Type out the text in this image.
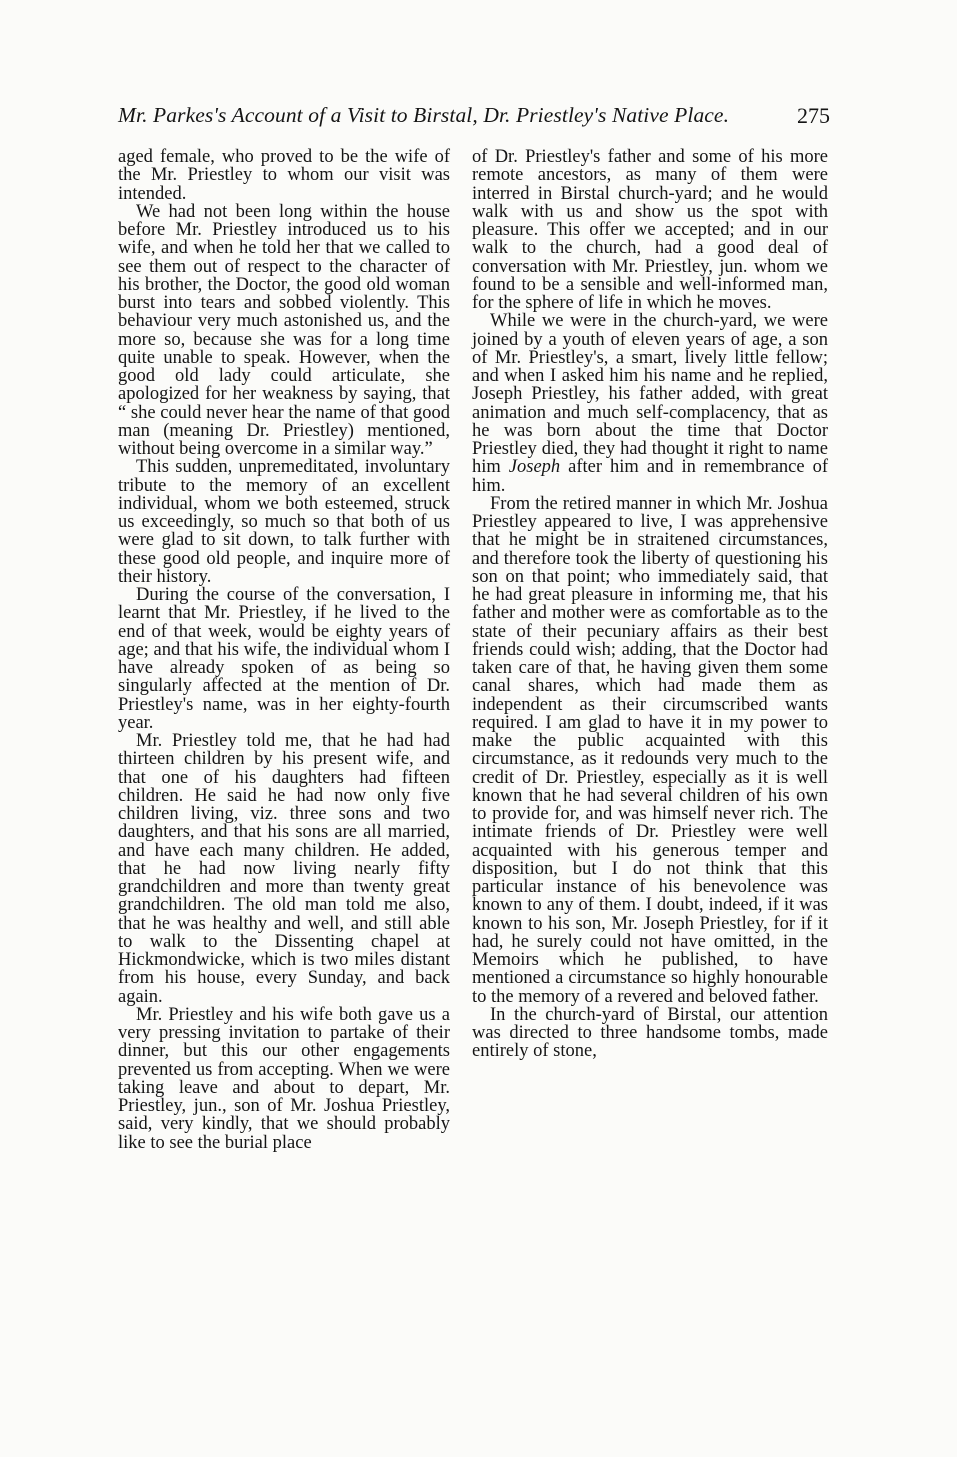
Mr. Parkes's Account of a Visit to Birstal, Dr. Priestley's Native Place.	275

aged female, who proved to be the wife of the Mr. Priestley to whom our visit was intended.

We had not been long within the house before Mr. Priestley introduced us to his wife, and when he told her that we called to see them out of respect to the character of his brother, the Doctor, the good old woman burst into tears and sobbed violently. This behaviour very much astonished us, and the more so, because she was for a long time quite unable to speak. However, when the good old lady could articulate, she apologized for her weakness by saying, that “ she could never hear the name of that good man (meaning Dr. Priestley) mentioned, without being overcome in a similar way.”

This sudden, unpremeditated, involuntary tribute to the memory of an excellent individual, whom we both esteemed, struck us exceedingly, so much so that both of us were glad to sit down, to talk further with these good old people, and inquire more of their history.

During the course of the conversation, I learnt that Mr. Priestley, if he lived to the end of that week, would be eighty years of age; and that his wife, the individual whom I have already spoken of as being so singularly affected at the mention of Dr. Priestley's name, was in her eighty-fourth year.

Mr. Priestley told me, that he had had thirteen children by his present wife, and that one of his daughters had fifteen children. He said he had now only five children living, viz. three sons and two daughters, and that his sons are all married, and have each many children. He added, that he had now living nearly fifty grandchildren and more than twenty great grandchildren. The old man told me also, that he was healthy and well, and still able to walk to the Dissenting chapel at Hickmondwicke, which is two miles distant from his house, every Sunday, and back again.

Mr. Priestley and his wife both gave us a very pressing invitation to partake of their dinner, but this our other engagements prevented us from accepting. When we were taking leave and about to depart, Mr. Priestley, jun., son of Mr. Joshua Priestley, said, very kindly, that we should probably like to see the burial place

of Dr. Priestley's father and some of his more remote ancestors, as many of them were interred in Birstal church-yard; and he would walk with us and show us the spot with pleasure. This offer we accepted; and in our walk to the church, had a good deal of conversation with Mr. Priestley, jun. whom we found to be a sensible and well-informed man, for the sphere of life in which he moves.

While we were in the church-yard, we were joined by a youth of eleven years of age, a son of Mr. Priestley's, a smart, lively little fellow; and when I asked him his name and he replied, Joseph Priestley, his father added, with great animation and much self-complacency, that as he was born about the time that Doctor Priestley died, they had thought it right to name him Joseph after him and in remembrance of him.

From the retired manner in which Mr. Joshua Priestley appeared to live, I was apprehensive that he might be in straitened circumstances, and therefore took the liberty of questioning his son on that point; who immediately said, that he had great pleasure in informing me, that his father and mother were as comfortable as to the state of their pecuniary affairs as their best friends could wish; adding, that the Doctor had taken care of that, he having given them some canal shares, which had made them as independent as their circumscribed wants required. I am glad to have it in my power to make the public acquainted with this circumstance, as it redounds very much to the credit of Dr. Priestley, especially as it is well known that he had several children of his own to provide for, and was himself never rich. The intimate friends of Dr. Priestley were well acquainted with his generous temper and disposition, but I do not think that this particular instance of his benevolence was known to any of them. I doubt, indeed, if it was known to his son, Mr. Joseph Priestley, for if it had, he surely could not have omitted, in the Memoirs which he published, to have mentioned a circumstance so highly honourable to the memory of a revered and beloved father.

In the church-yard of Birstal, our attention was directed to three handsome tombs, made entirely of stone,
